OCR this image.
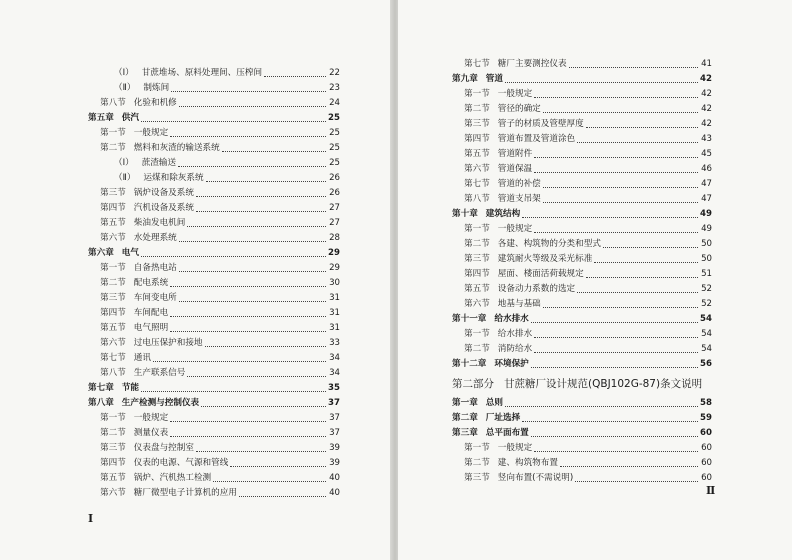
（Ⅰ） 甘蔗堆场、原料处理间、压榨间	22
（Ⅱ） 制炼间	23
第八节 化验和机修	24
第五章 供汽	25
第一节 一般规定	25
第二节 燃料和灰渣的输送系统	25
（Ⅰ） 蔗渣输送	25
（Ⅱ） 运煤和除灰系统	26
第三节 锅炉设备及系统	26
第四节 汽机设备及系统	27
第五节 柴油发电机间	27
第六节 水处理系统	28
第六章 电气	29
第一节 自备热电站	29
第二节 配电系统	30
第三节 车间变电所	31
第四节 车间配电	31
第五节 电气照明	31
第六节 过电压保护和接地	33
第七节 通讯	34
第八节 生产联系信号	34
第七章 节能	35
第八章 生产检测与控制仪表	37
第一节 一般规定	37
第二节 测量仪表	37
第三节 仪表盘与控制室	39
第四节 仪表的电源、气源和管线	39
第五节 锅炉、汽机热工检测	40
第六节 糖厂微型电子计算机的应用	40
I
Ⅱ
第七节 糖厂主要测控仪表	41
第九章 管道	42
第一节 一般规定	42
第二节 管径的确定	42
第三节 管子的材质及管壁厚度	42
第四节 管道布置及管道涂色	43
第五节 管道附件	45
第六节 管道保温	46
第七节 管道的补偿	47
第八节 管道支吊架	47
第十章 建筑结构	49
第一节 一般规定	49
第二节 各建、构筑物的分类和型式	50
第三节 建筑耐火等级及采光标准	50
第四节 屋面、楼面活荷载规定	51
第五节 设备动力系数的选定	52
第六节 地基与基础	52
第十一章 给水排水	54
第一节 给水排水	54
第二节 消防给水	54
第十二章 环境保护	56
第二部分 甘蔗糖厂设计规范(QBJ102G-87)条文说明
第一章 总则	58
第二章 厂址选择	59
第三章 总平面布置	60
第一节 一般规定	60
第二节 建、构筑物布置	60
第三节 竖向布置(不需说明)	60
